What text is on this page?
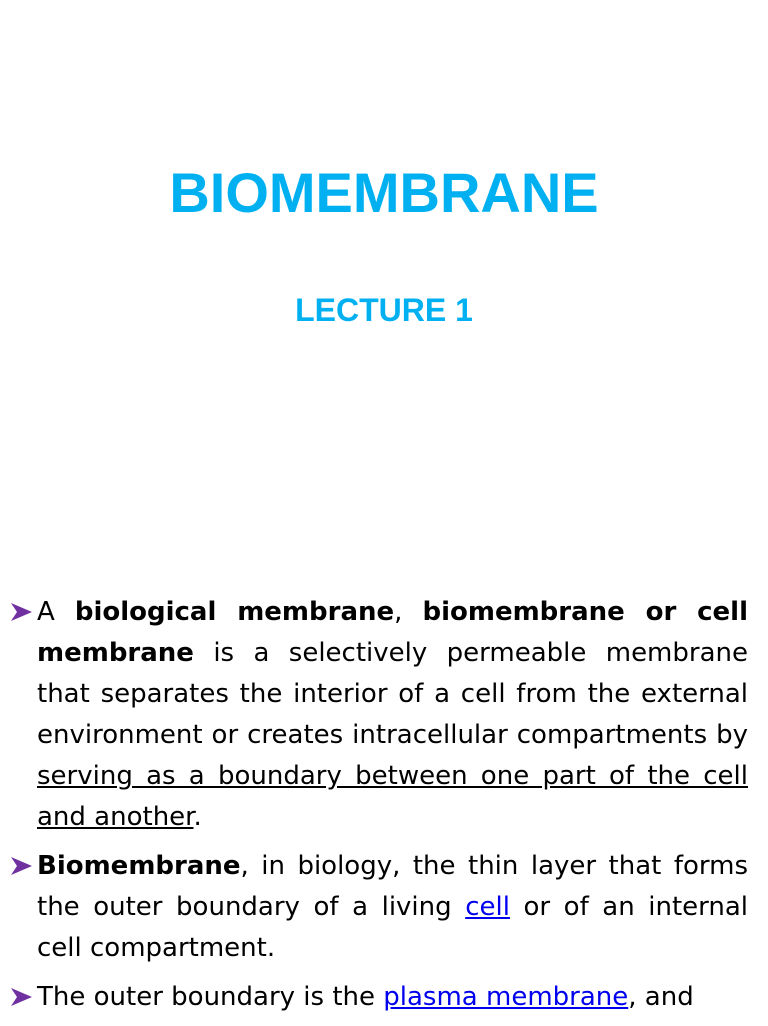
BIOMEMBRANE
LECTURE 1
A biological membrane, biomembrane or cell membrane is a selectively permeable membrane that separates the interior of a cell from the external environment or creates intracellular compartments by serving as a boundary between one part of the cell and another.
Biomembrane, in biology, the thin layer that forms the outer boundary of a living cell or of an internal cell compartment.
The outer boundary is the plasma membrane, and
